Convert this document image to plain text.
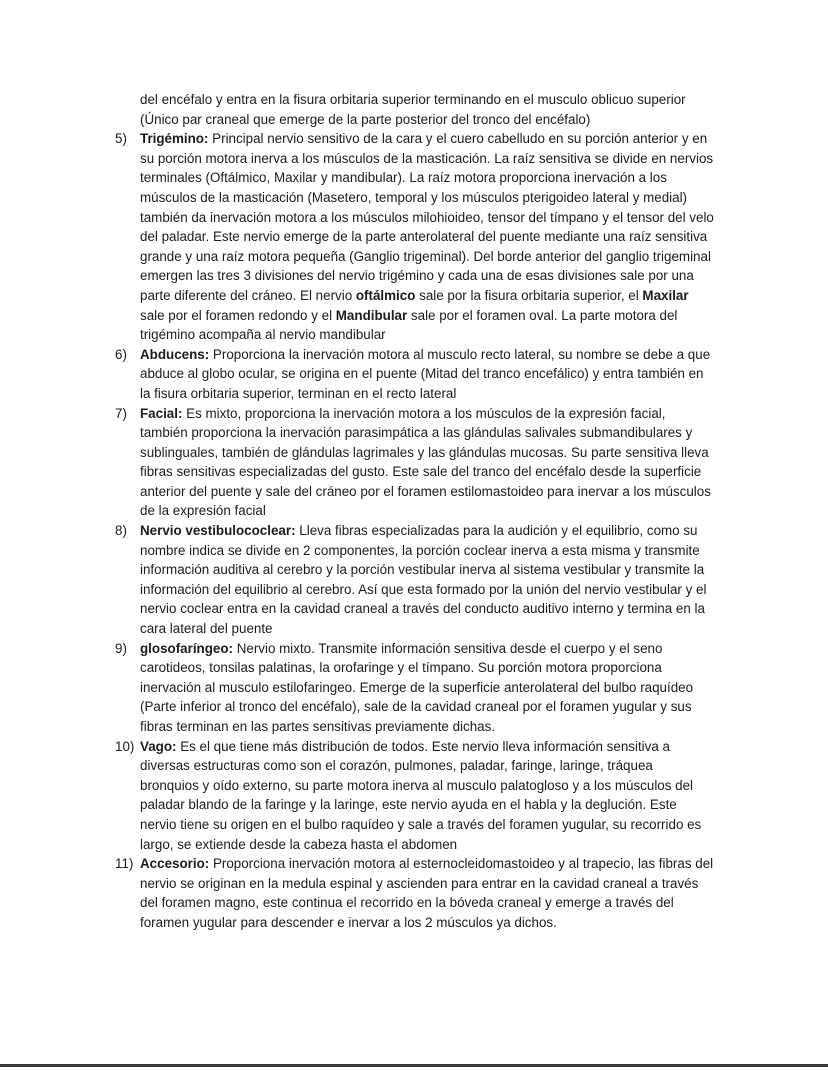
del encéfalo y entra en la fisura orbitaria superior terminando en el musculo oblicuo superior (Único par craneal que emerge de la parte posterior del tronco del encéfalo)

5) Trigémino: Principal nervio sensitivo de la cara y el cuero cabelludo en su porción anterior y en su porción motora inerva a los músculos de la masticación. La raíz sensitiva se divide en nervios terminales (Oftálmico, Maxilar y mandibular). La raíz motora proporciona inervación a los músculos de la masticación (Masetero, temporal y los músculos pterigoideo lateral y medial) también da inervación motora a los músculos milohioideo, tensor del tímpano y el tensor del velo del paladar. Este nervio emerge de la parte anterolateral del puente mediante una raíz sensitiva grande y una raíz motora pequeña (Ganglio trigeminal). Del borde anterior del ganglio trigeminal emergen las tres 3 divisiones del nervio trigémino y cada una de esas divisiones sale por una parte diferente del cráneo. El nervio oftálmico sale por la fisura orbitaria superior, el Maxilar sale por el foramen redondo y el Mandibular sale por el foramen oval. La parte motora del trigémino acompaña al nervio mandibular
6) Abducens: Proporciona la inervación motora al musculo recto lateral, su nombre se debe a que abduce al globo ocular, se origina en el puente (Mitad del tranco encefálico) y entra también en la fisura orbitaria superior, terminan en el recto lateral
7) Facial: Es mixto, proporciona la inervación motora a los músculos de la expresión facial, también proporciona la inervación parasimpática a las glándulas salivales submandibulares y sublinguales, también de glándulas lagrimales y las glándulas mucosas. Su parte sensitiva lleva fibras sensitivas especializadas del gusto. Este sale del tranco del encéfalo desde la superficie anterior del puente y sale del cráneo por el foramen estilomastoideo para inervar a los músculos de la expresión facial
8) Nervio vestibulococlear: Lleva fibras especializadas para la audición y el equilibrio, como su nombre indica se divide en 2 componentes, la porción coclear inerva a esta misma y transmite información auditiva al cerebro y la porción vestibular inerva al sistema vestibular y transmite la información del equilibrio al cerebro. Así que esta formado por la unión del nervio vestibular y el nervio coclear entra en la cavidad craneal a través del conducto auditivo interno y termina en la cara lateral del puente
9) glosofaríngeo: Nervio mixto. Transmite información sensitiva desde el cuerpo y el seno carotideos, tonsilas palatinas, la orofaringe y el tímpano. Su porción motora proporciona inervación al musculo estilofaringeo. Emerge de la superficie anterolateral del bulbo raquídeo (Parte inferior al tronco del encéfalo), sale de la cavidad craneal por el foramen yugular y sus fibras terminan en las partes sensitivas previamente dichas.
10) Vago: Es el que tiene más distribución de todos. Este nervio lleva información sensitiva a diversas estructuras como son el corazón, pulmones, paladar, faringe, laringe, tráquea bronquios y oído externo, su parte motora inerva al musculo palatogloso y a los músculos del paladar blando de la faringe y la laringe, este nervio ayuda en el habla y la deglución. Este nervio tiene su origen en el bulbo raquídeo y sale a través del foramen yugular, su recorrido es largo, se extiende desde la cabeza hasta el abdomen
11) Accesorio: Proporciona inervación motora al esternocleidomastoideo y al trapecio, las fibras del nervio se originan en la medula espinal y ascienden para entrar en la cavidad craneal a través del foramen magno, este continua el recorrido en la bóveda craneal y emerge a través del foramen yugular para descender e inervar a los 2 músculos ya dichos.
